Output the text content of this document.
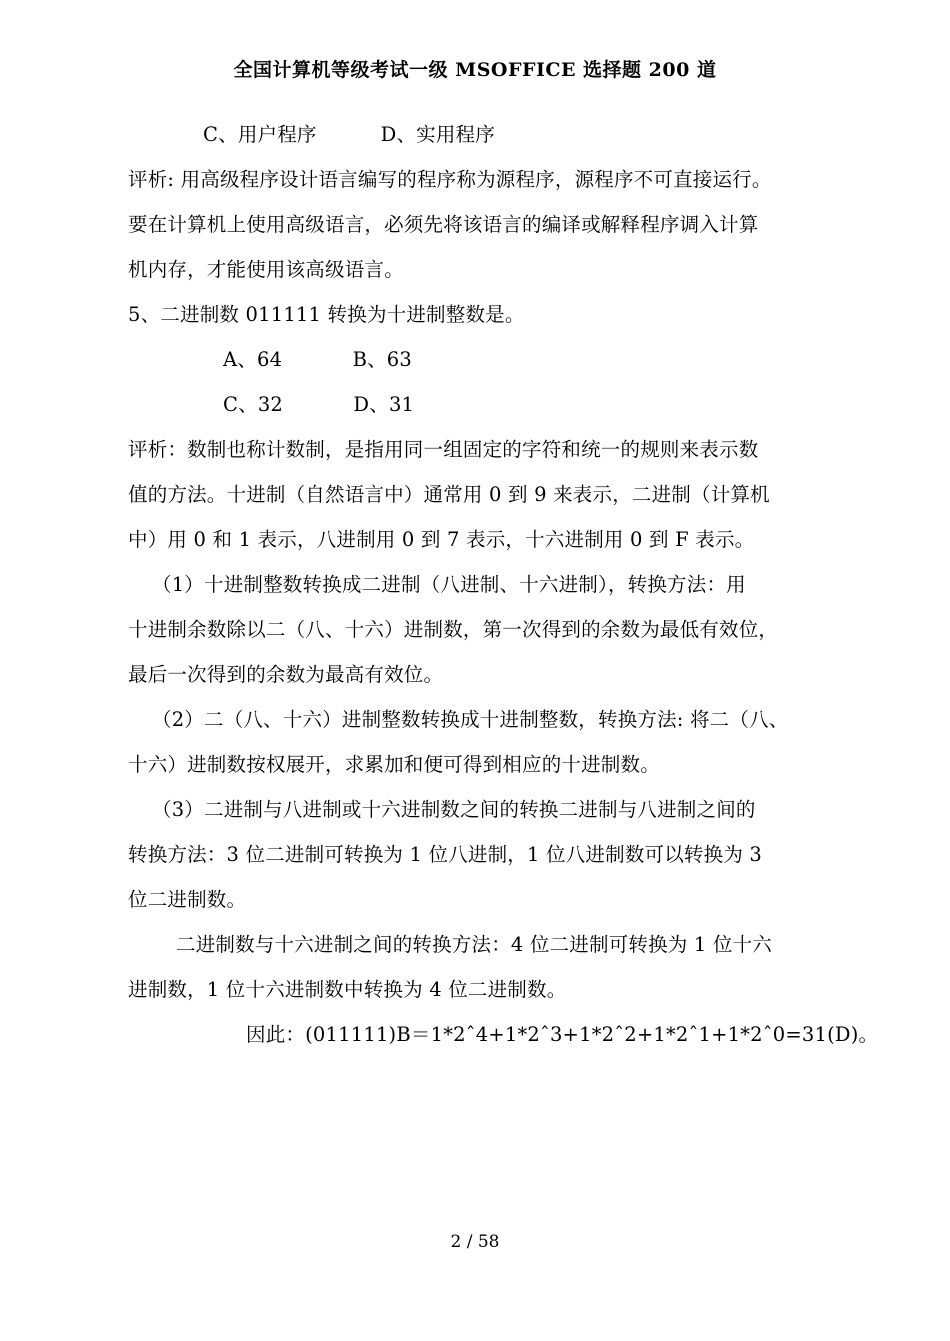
全国计算机等级考试一级 MSOFFICE 选择题 200 道
C、用户程序          D、实用程序
评析: 用高级程序设计语言编写的程序称为源程序，源程序不可直接运行。
要在计算机上使用高级语言，必须先将该语言的编译或解释程序调入计算
机内存，才能使用该高级语言。
5、二进制数 011111 转换为十进制整数是。
A、64           B、63
C、32           D、31
评析：数制也称计数制，是指用同一组固定的字符和统一的规则来表示数
值的方法。十进制（自然语言中）通常用 0 到 9 来表示，二进制（计算机
中）用 0 和 1 表示，八进制用 0 到 7 表示，十六进制用 0 到 F 表示。
（1）十进制整数转换成二进制（八进制、十六进制），转换方法：用
十进制余数除以二（八、十六）进制数，第一次得到的余数为最低有效位，
最后一次得到的余数为最高有效位。
（2）二（八、十六）进制整数转换成十进制整数，转换方法: 将二（八、
十六）进制数按权展开，求累加和便可得到相应的十进制数。
（3）二进制与八进制或十六进制数之间的转换二进制与八进制之间的
转换方法：3 位二进制可转换为 1 位八进制，1 位八进制数可以转换为 3
位二进制数。
二进制数与十六进制之间的转换方法：4 位二进制可转换为 1 位十六
进制数，1 位十六进制数中转换为 4 位二进制数。
因此：(011111)B＝1*2ˆ4+1*2ˆ3+1*2ˆ2+1*2ˆ1+1*2ˆ0=31(D)。
2 / 58
